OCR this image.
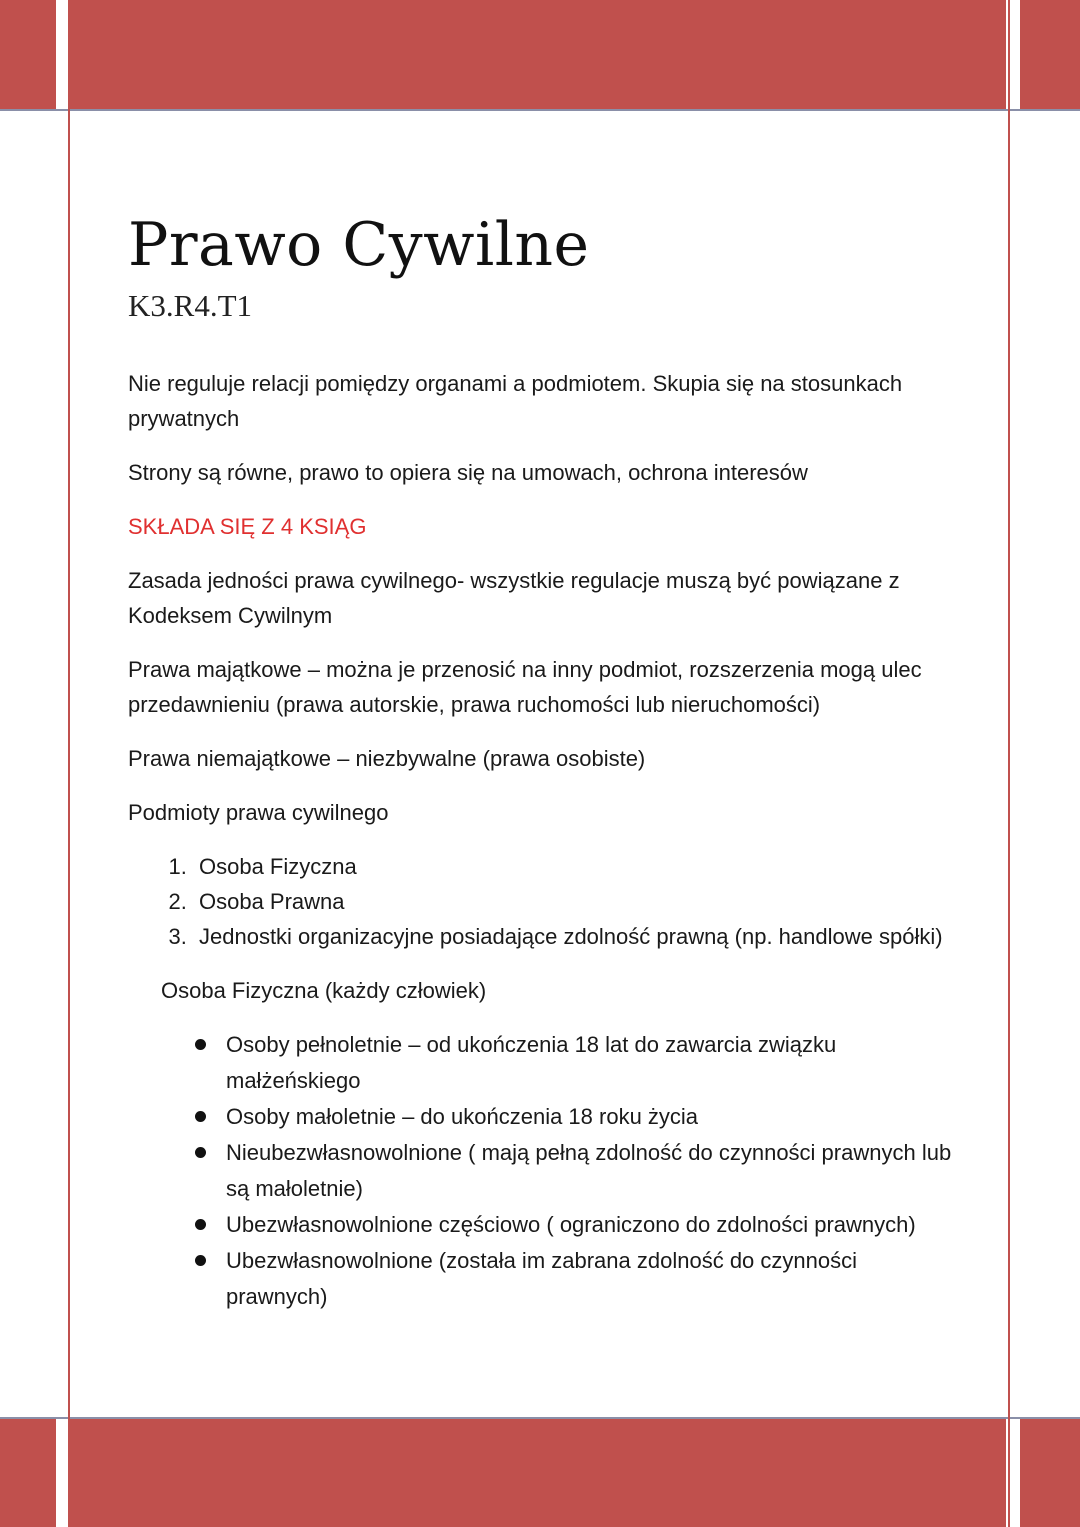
Prawo Cywilne
K3.R4.T1

Nie reguluje relacji pomiędzy organami a podmiotem. Skupia się na stosunkach prywatnych

Strony są równe, prawo to opiera się na umowach, ochrona interesów

SKŁADA SIĘ Z 4 KSIĄG

Zasada jedności prawa cywilnego- wszystkie regulacje muszą być powiązane z Kodeksem Cywilnym

Prawa majątkowe – można je przenosić na inny podmiot, rozszerzenia mogą ulec przedawnieniu (prawa autorskie, prawa ruchomości lub nieruchomości)

Prawa niemajątkowe – niezbywalne (prawa osobiste)

Podmioty prawa cywilnego

1. Osoba Fizyczna
2. Osoba Prawna
3. Jednostki organizacyjne posiadające zdolność prawną (np. handlowe spółki)

Osoba Fizyczna (każdy człowiek)

Osoby pełnoletnie – od ukończenia 18 lat do zawarcia związku małżeńskiego
Osoby małoletnie – do ukończenia 18 roku życia
Nieubezwłasnowolnione ( mają pełną zdolność do czynności prawnych lub są małoletnie)
Ubezwłasnowolnione częściowo ( ograniczono do zdolności prawnych)
Ubezwłasnowolnione (została im zabrana zdolność do czynności prawnych)
